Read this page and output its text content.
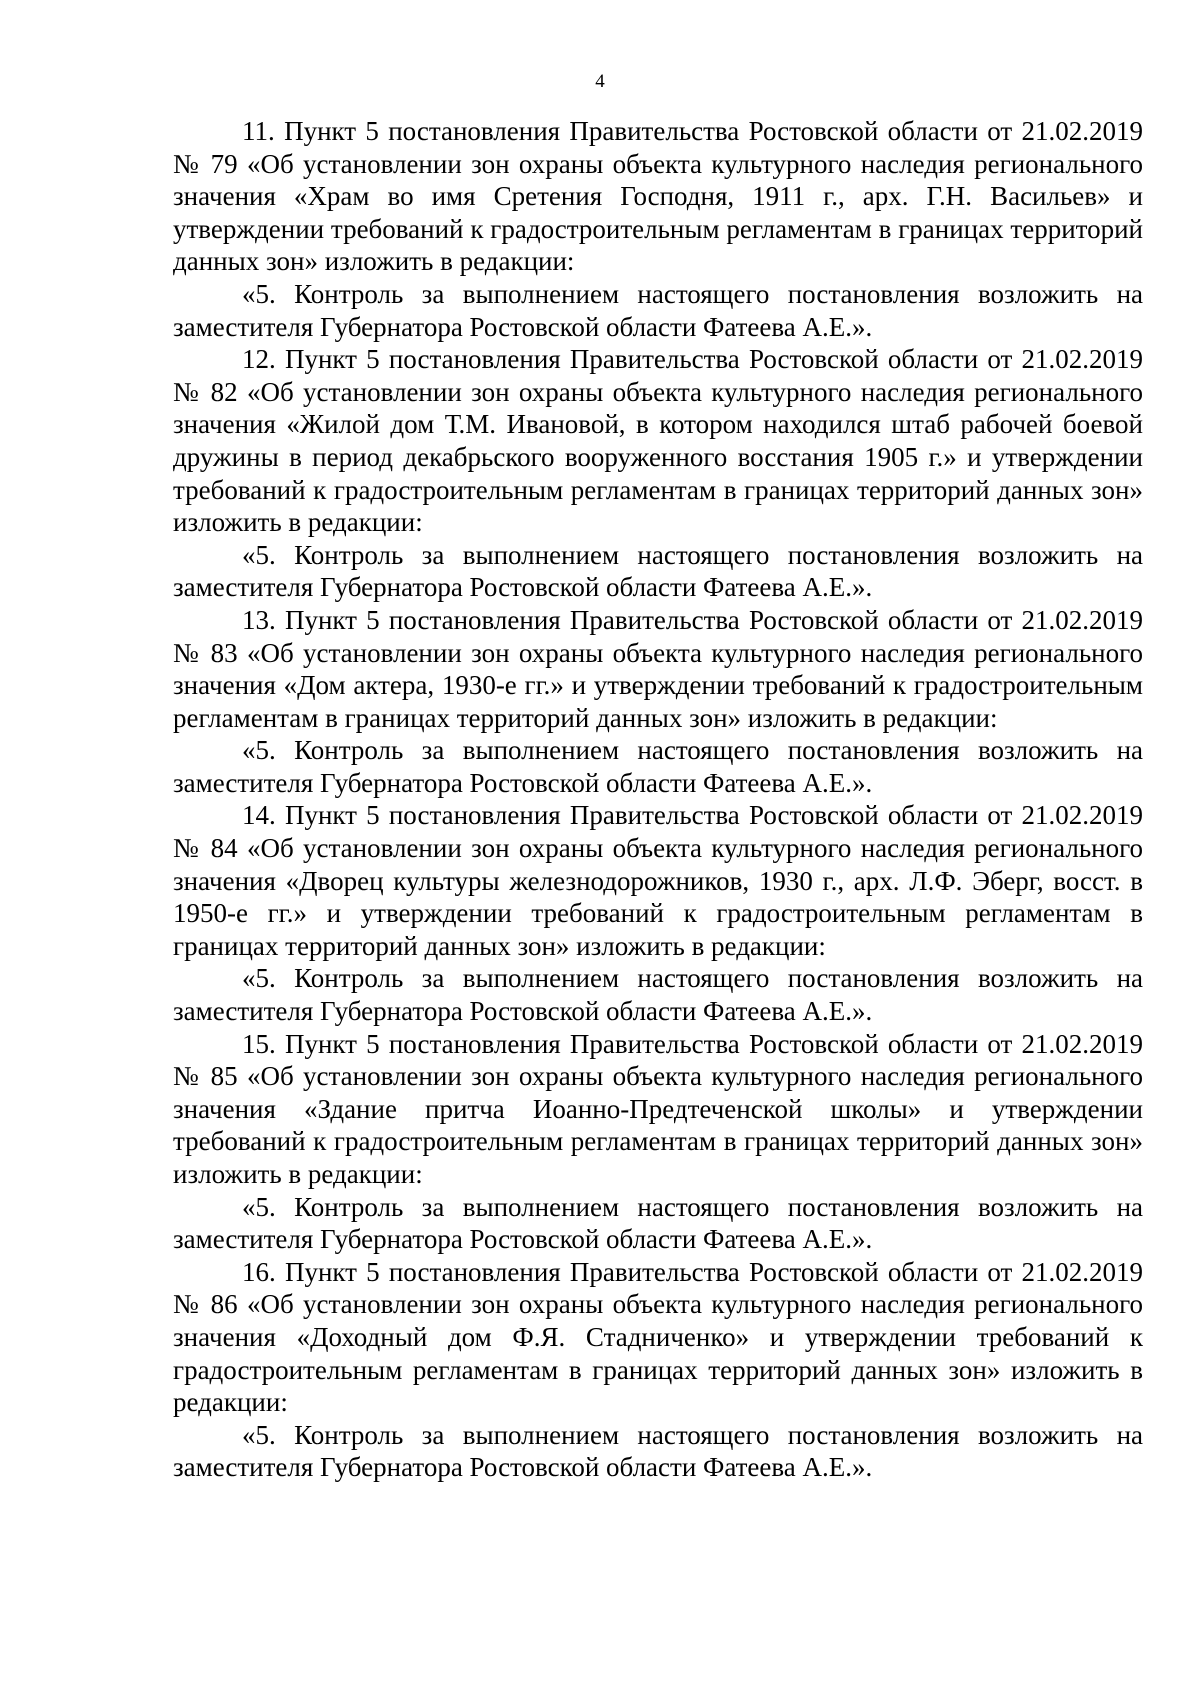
4

11. Пункт 5 постановления Правительства Ростовской области от 21.02.2019 № 79 «Об установлении зон охраны объекта культурного наследия регионального значения «Храм во имя Сретения Господня, 1911 г., арх. Г.Н. Васильев» и утверждении требований к градостроительным регламентам в границах территорий данных зон» изложить в редакции:

«5. Контроль за выполнением настоящего постановления возложить на заместителя Губернатора Ростовской области Фатеева А.Е.».

12. Пункт 5 постановления Правительства Ростовской области от 21.02.2019 № 82 «Об установлении зон охраны объекта культурного наследия регионального значения «Жилой дом Т.М. Ивановой, в котором находился штаб рабочей боевой дружины в период декабрьского вооруженного восстания 1905 г.» и утверждении требований к градостроительным регламентам в границах территорий данных зон» изложить в редакции:

«5. Контроль за выполнением настоящего постановления возложить на заместителя Губернатора Ростовской области Фатеева А.Е.».

13. Пункт 5 постановления Правительства Ростовской области от 21.02.2019 № 83 «Об установлении зон охраны объекта культурного наследия регионального значения «Дом актера, 1930-е гг.» и утверждении требований к градостроительным регламентам в границах территорий данных зон» изложить в редакции:

«5. Контроль за выполнением настоящего постановления возложить на заместителя Губернатора Ростовской области Фатеева А.Е.».

14. Пункт 5 постановления Правительства Ростовской области от 21.02.2019 № 84 «Об установлении зон охраны объекта культурного наследия регионального значения «Дворец культуры железнодорожников, 1930 г., арх. Л.Ф. Эберг, восст. в 1950-е гг.» и утверждении требований к градостроительным регламентам в границах территорий данных зон» изложить в редакции:

«5. Контроль за выполнением настоящего постановления возложить на заместителя Губернатора Ростовской области Фатеева А.Е.».

15. Пункт 5 постановления Правительства Ростовской области от 21.02.2019 № 85 «Об установлении зон охраны объекта культурного наследия регионального значения «Здание притча Иоанно-Предтеченской школы» и утверждении требований к градостроительным регламентам в границах территорий данных зон» изложить в редакции:

«5. Контроль за выполнением настоящего постановления возложить на заместителя Губернатора Ростовской области Фатеева А.Е.».

16. Пункт 5 постановления Правительства Ростовской области от 21.02.2019 № 86 «Об установлении зон охраны объекта культурного наследия регионального значения «Доходный дом Ф.Я. Стадниченко» и утверждении требований к градостроительным регламентам в границах территорий данных зон» изложить в редакции:

«5. Контроль за выполнением настоящего постановления возложить на заместителя Губернатора Ростовской области Фатеева А.Е.».
